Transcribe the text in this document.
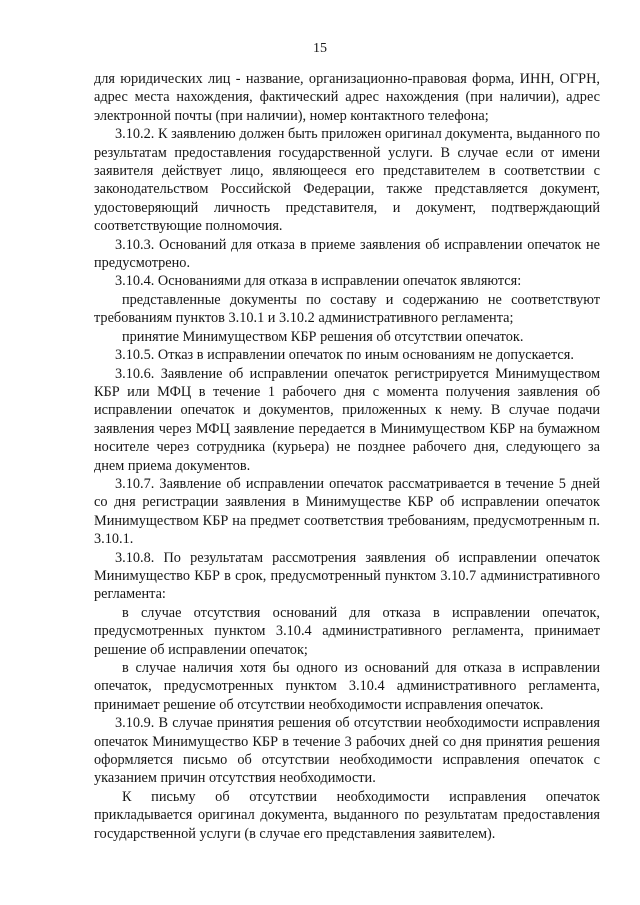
15

для юридических лиц - название, организационно-правовая форма, ИНН, ОГРН, адрес места нахождения, фактический адрес нахождения (при наличии), адрес электронной почты (при наличии), номер контактного телефона;

3.10.2. К заявлению должен быть приложен оригинал документа, выданного по результатам предоставления государственной услуги. В случае если от имени заявителя действует лицо, являющееся его представителем в соответствии с законодательством Российской Федерации, также представляется документ, удостоверяющий личность представителя, и документ, подтверждающий соответствующие полномочия.

3.10.3. Оснований для отказа в приеме заявления об исправлении опечаток не предусмотрено.

3.10.4. Основаниями для отказа в исправлении опечаток являются:

представленные документы по составу и содержанию не соответствуют требованиям пунктов 3.10.1 и 3.10.2 административного регламента;

принятие Минимуществом КБР решения об отсутствии опечаток.

3.10.5. Отказ в исправлении опечаток по иным основаниям не допускается.

3.10.6. Заявление об исправлении опечаток регистрируется Минимуществом КБР или МФЦ в течение 1 рабочего дня с момента получения заявления об исправлении опечаток и документов, приложенных к нему. В случае подачи заявления через МФЦ заявление передается в Минимуществом КБР на бумажном носителе через сотрудника (курьера) не позднее рабочего дня, следующего за днем приема документов.

3.10.7. Заявление об исправлении опечаток рассматривается в течение 5 дней со дня регистрации заявления в Минимуществе КБР об исправлении опечаток Минимуществом КБР на предмет соответствия требованиям, предусмотренным п. 3.10.1.

3.10.8. По результатам рассмотрения заявления об исправлении опечаток Минимущество КБР в срок, предусмотренный пунктом 3.10.7 административного регламента:

в случае отсутствия оснований для отказа в исправлении опечаток, предусмотренных пунктом 3.10.4 административного регламента, принимает решение об исправлении опечаток;

в случае наличия хотя бы одного из оснований для отказа в исправлении опечаток, предусмотренных пунктом 3.10.4 административного регламента, принимает решение об отсутствии необходимости исправления опечаток.

3.10.9. В случае принятия решения об отсутствии необходимости исправления опечаток Минимущество КБР в течение 3 рабочих дней со дня принятия решения оформляется письмо об отсутствии необходимости исправления опечаток с указанием причин отсутствия необходимости.

К письму об отсутствии необходимости исправления опечаток прикладывается оригинал документа, выданного по результатам предоставления государственной услуги (в случае его представления заявителем).
